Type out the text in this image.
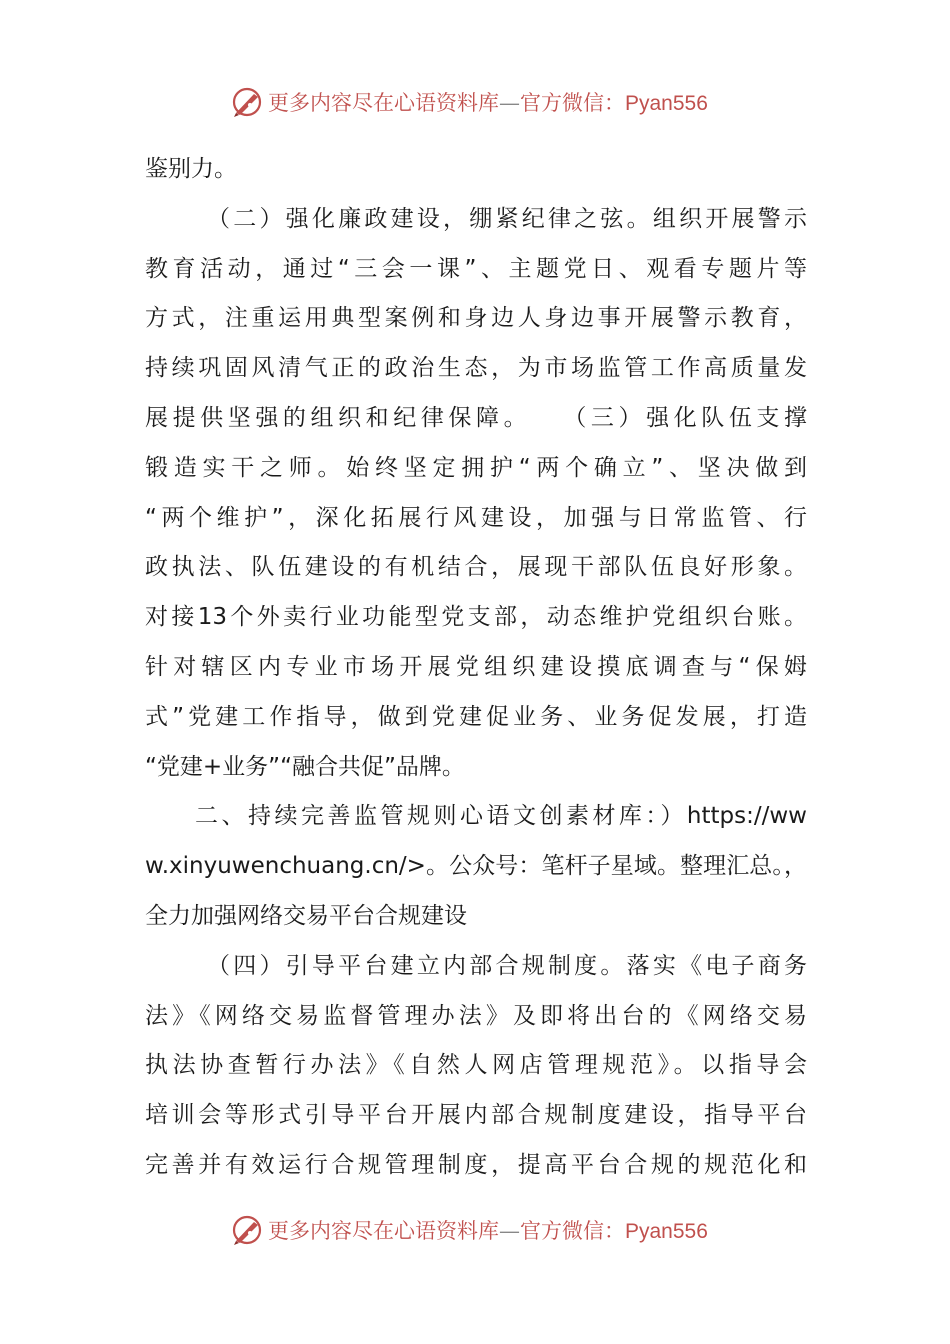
更多内容尽在心语资料库—官方微信：Pyan556
鉴别力。
（二）强化廉政建设，绷紧纪律之弦。组织开展警示
教育活动，通过“三会一课”、主题党日、观看专题片等
方式，注重运用典型案例和身边人身边事开展警示教育，
持续巩固风清气正的政治生态，为市场监管工作高质量发
展提供坚强的组织和纪律保障。　　（三）强化队伍支撑
锻造实干之师。始终坚定拥护“两个确立”、坚决做到
“两个维护”，深化拓展行风建设，加强与日常监管、行
政执法、队伍建设的有机结合，展现干部队伍良好形象。
对接13个外卖行业功能型党支部，动态维护党组织台账。
针对辖区内专业市场开展党组织建设摸底调查与“保姆
式”党建工作指导，做到党建促业务、业务促发展，打造
“党建+业务”“融合共促”品牌。
二、持续完善监管规则心语文创素材库：）https://ww
w.xinyuwenchuang.cn/>。公众号：笔杆子星域。整理汇总。，
全力加强网络交易平台合规建设
（四）引导平台建立内部合规制度。落实《电子商务
法》《网络交易监督管理办法》及即将出台的《网络交易
执法协查暂行办法》《自然人网店管理规范》。以指导会
培训会等形式引导平台开展内部合规制度建设，指导平台
完善并有效运行合规管理制度，提高平台合规的规范化和
更多内容尽在心语资料库—官方微信：Pyan556
